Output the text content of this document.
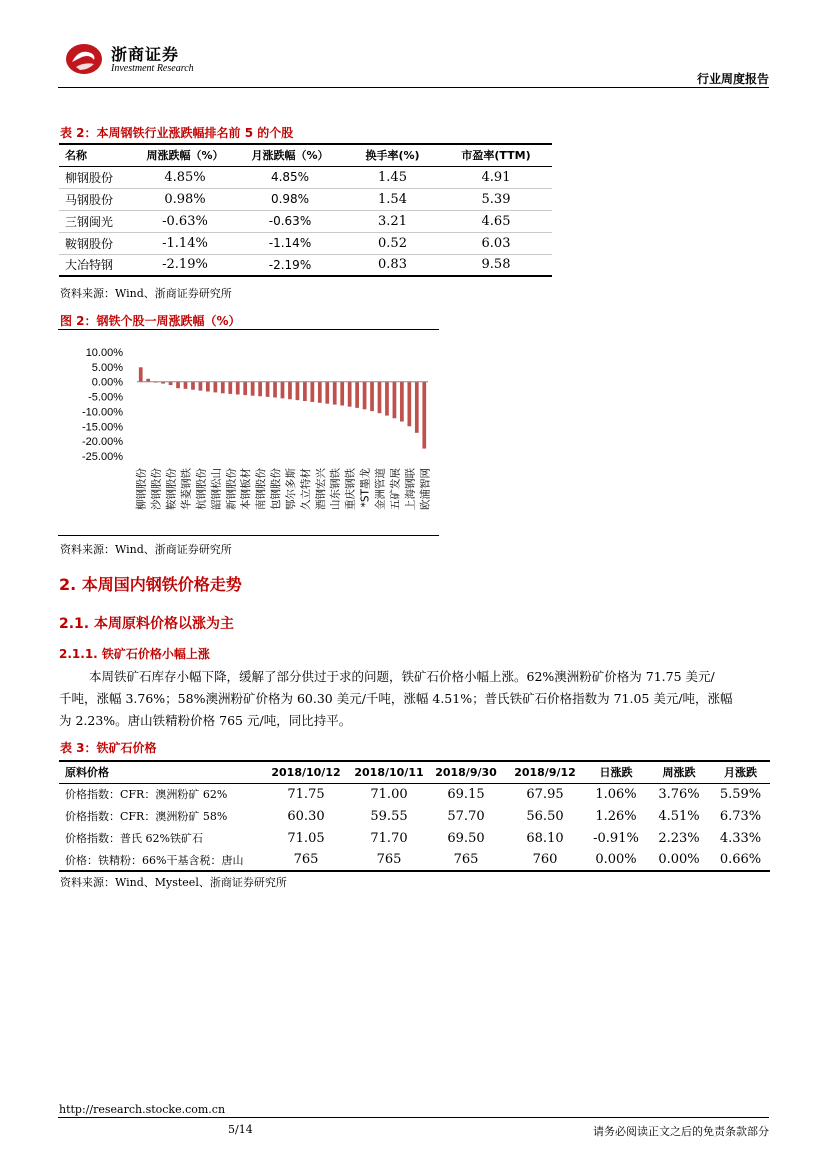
浙商证券
Investment Research
行业周度报告
表 2：本周钢铁行业涨跌幅排名前 5 的个股
名称	周涨跌幅（%）	月涨跌幅（%）	换手率(%)	市盈率(TTM)
柳钢股份	4.85%	4.85%	1.45	4.91
马钢股份	0.98%	0.98%	1.54	5.39
三钢闽光	-0.63%	-0.63%	3.21	4.65
鞍钢股份	-1.14%	-1.14%	0.52	6.03
大冶特钢	-2.19%	-2.19%	0.83	9.58
资料来源：Wind、浙商证券研究所
图 2：钢铁个股一周涨跌幅（%）
10.00%
5.00%
0.00%
-5.00%
-10.00%
-15.00%
-20.00%
-25.00%
柳钢股份 沙钢股份 鞍钢股份 华菱钢铁 杭钢股份 韶钢松山 新钢股份 本钢板材 南钢股份 包钢股份 鄂尔多斯 久立特材 酒钢宏兴 山东钢铁 重庆钢铁 *ST墨龙 金洲管道 五矿发展 上海钢联 欧浦智网
资料来源：Wind、浙商证券研究所
2. 本周国内钢铁价格走势
2.1. 本周原料价格以涨为主
2.1.1. 铁矿石价格小幅上涨
本周铁矿石库存小幅下降，缓解了部分供过于求的问题，铁矿石价格小幅上涨。62%澳洲粉矿价格为 71.75 美元/
千吨，涨幅 3.76%；58%澳洲粉矿价格为 60.30 美元/千吨，涨幅 4.51%；普氏铁矿石价格指数为 71.05 美元/吨，涨幅
为 2.23%。唐山铁精粉价格 765 元/吨，同比持平。
表 3：铁矿石价格
原料价格	2018/10/12	2018/10/11	2018/9/30	2018/9/12	日涨跌	周涨跌	月涨跌
价格指数：CFR：澳洲粉矿 62%	71.75	71.00	69.15	67.95	1.06%	3.76%	5.59%
价格指数：CFR：澳洲粉矿 58%	60.30	59.55	57.70	56.50	1.26%	4.51%	6.73%
价格指数：普氏 62%铁矿石	71.05	71.70	69.50	68.10	-0.91%	2.23%	4.33%
价格：铁精粉：66%干基含税：唐山	765	765	765	760	0.00%	0.00%	0.66%
资料来源：Wind、Mysteel、浙商证券研究所
http://research.stocke.com.cn
5/14	请务必阅读正文之后的免责条款部分
